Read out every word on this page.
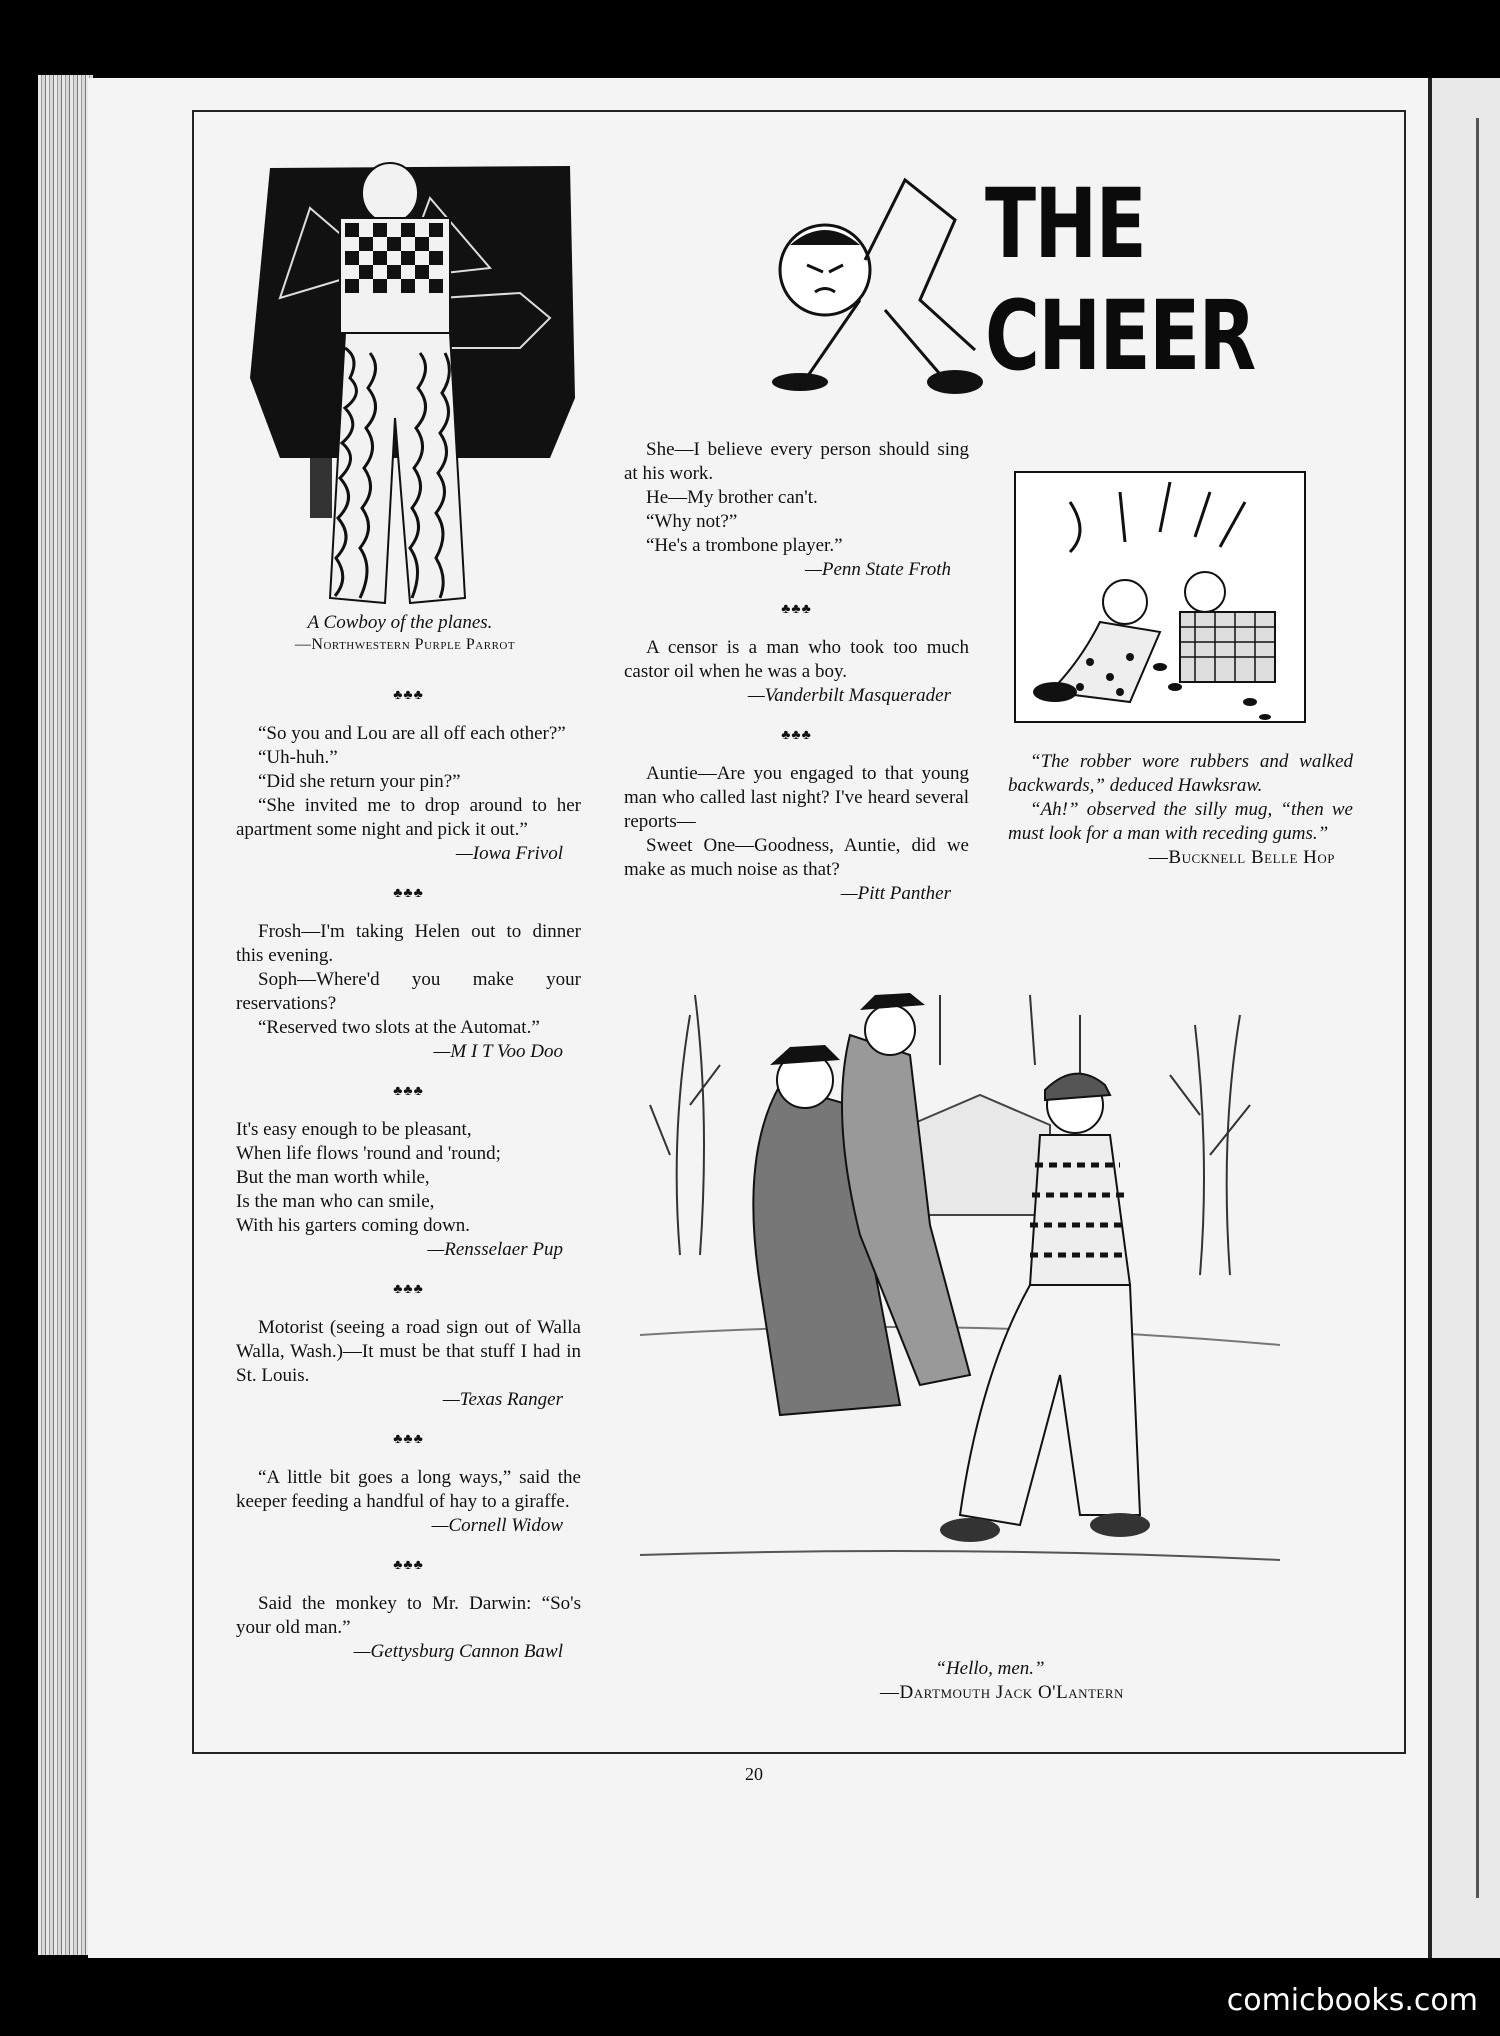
A Cowboy of the planes.
—Northwestern Purple Parrot
THE CHEER
♣♣♣

“So you and Lou are all off each other?”

“Uh-huh.”

“Did she return your pin?”

“She invited me to drop around to her apartment some night and pick it out.”

—Iowa Frivol
♣♣♣

Frosh—I'm taking Helen out to dinner this evening.

Soph—Where'd you make your reservations?

“Reserved two slots at the Automat.”

—M I T Voo Doo
♣♣♣

It's easy enough to be pleasant,

When life flows 'round and 'round;

But the man worth while,

Is the man who can smile,

With his garters coming down.

—Rensselaer Pup
♣♣♣

Motorist (seeing a road sign out of Walla Walla, Wash.)—It must be that stuff I had in St. Louis.

—Texas Ranger
♣♣♣

“A little bit goes a long ways,” said the keeper feeding a handful of hay to a giraffe.

—Cornell Widow
♣♣♣

Said the monkey to Mr. Darwin: “So's your old man.”

—Gettysburg Cannon Bawl

She—I believe every person should sing at his work.

He—My brother can't.

“Why not?”

“He's a trombone player.”

—Penn State Froth
♣♣♣

A censor is a man who took too much castor oil when he was a boy.

—Vanderbilt Masquerader
♣♣♣

Auntie—Are you engaged to that young man who called last night? I've heard several reports—

Sweet One—Goodness, Auntie, did we make as much noise as that?

—Pitt Panther

“The robber wore rubbers and walked backwards,” deduced Hawksraw.

“Ah!” observed the silly mug, “then we must look for a man with receding gums.”

—Bucknell Belle Hop
“Hello, men.”
—Dartmouth Jack O'Lantern
20
comicbooks.com
